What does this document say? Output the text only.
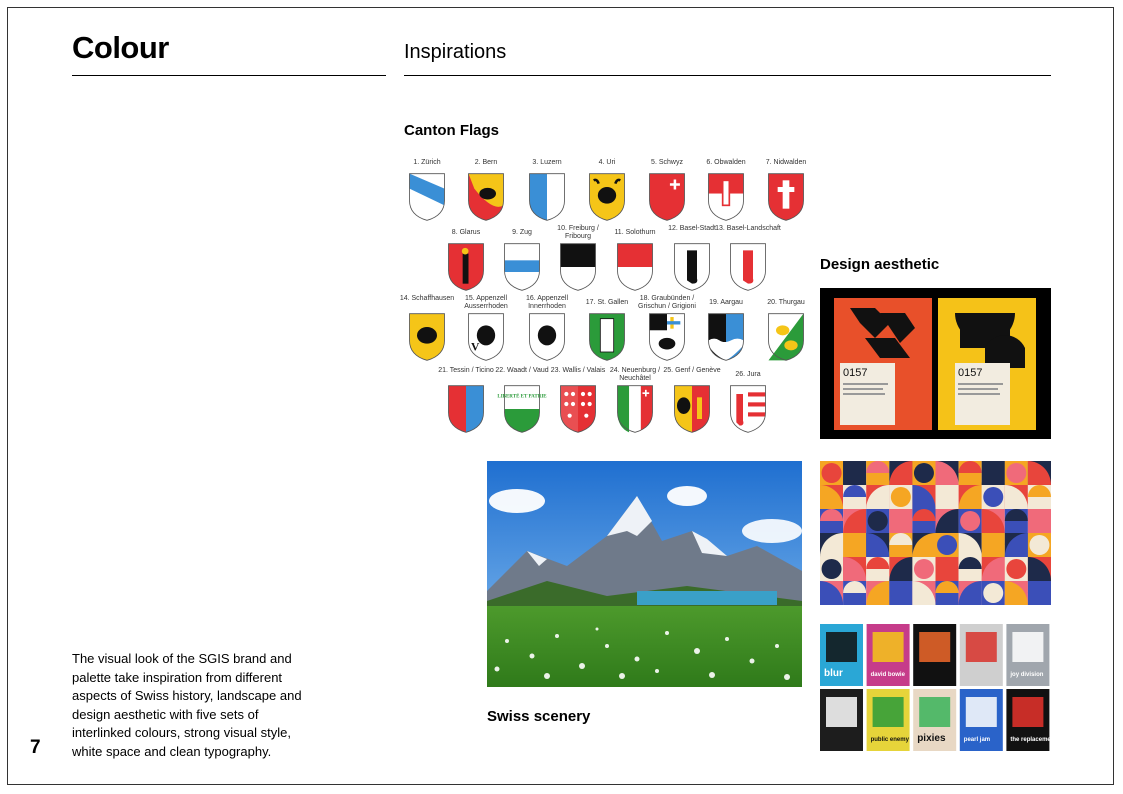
Colour	Inspirations
Canton Flags
Design aesthetic
Swiss scenery
The visual look of the SGIS brand and palette take inspiration from different aspects of Swiss history, landscape and design aesthetic with five sets of interlinked colours, strong visual style, white space and clean typography.
7
1. Zürich	2. Bern	3. Luzern	4. Uri	5. Schwyz	6. Obwalden	7. Nidwalden
8. Glarus	9. Zug
10. Freiburg / Fribourg
11. Solothurn
12. Basel-Stadt 13. Basel-Landschaft
14. Schaffhausen	15. Appenzell Ausserrhoden
V
16. Appenzell Innerrhoden
17. St. Gallen
18. Graubünden / Grischun / Grigioni
19. Aargau	20. Thurgau
21. Tessin / Ticino 22. Waadt / Vaud
LIBERTÉ ET PATRIE
23. Wallis / Valais 24. Neuenburg / Neuchâtel
25. Genf / Genève
26. Jura	0157	0157
blur	david bowie	joy division
public enemy pixies	pearl jam	the replacements
